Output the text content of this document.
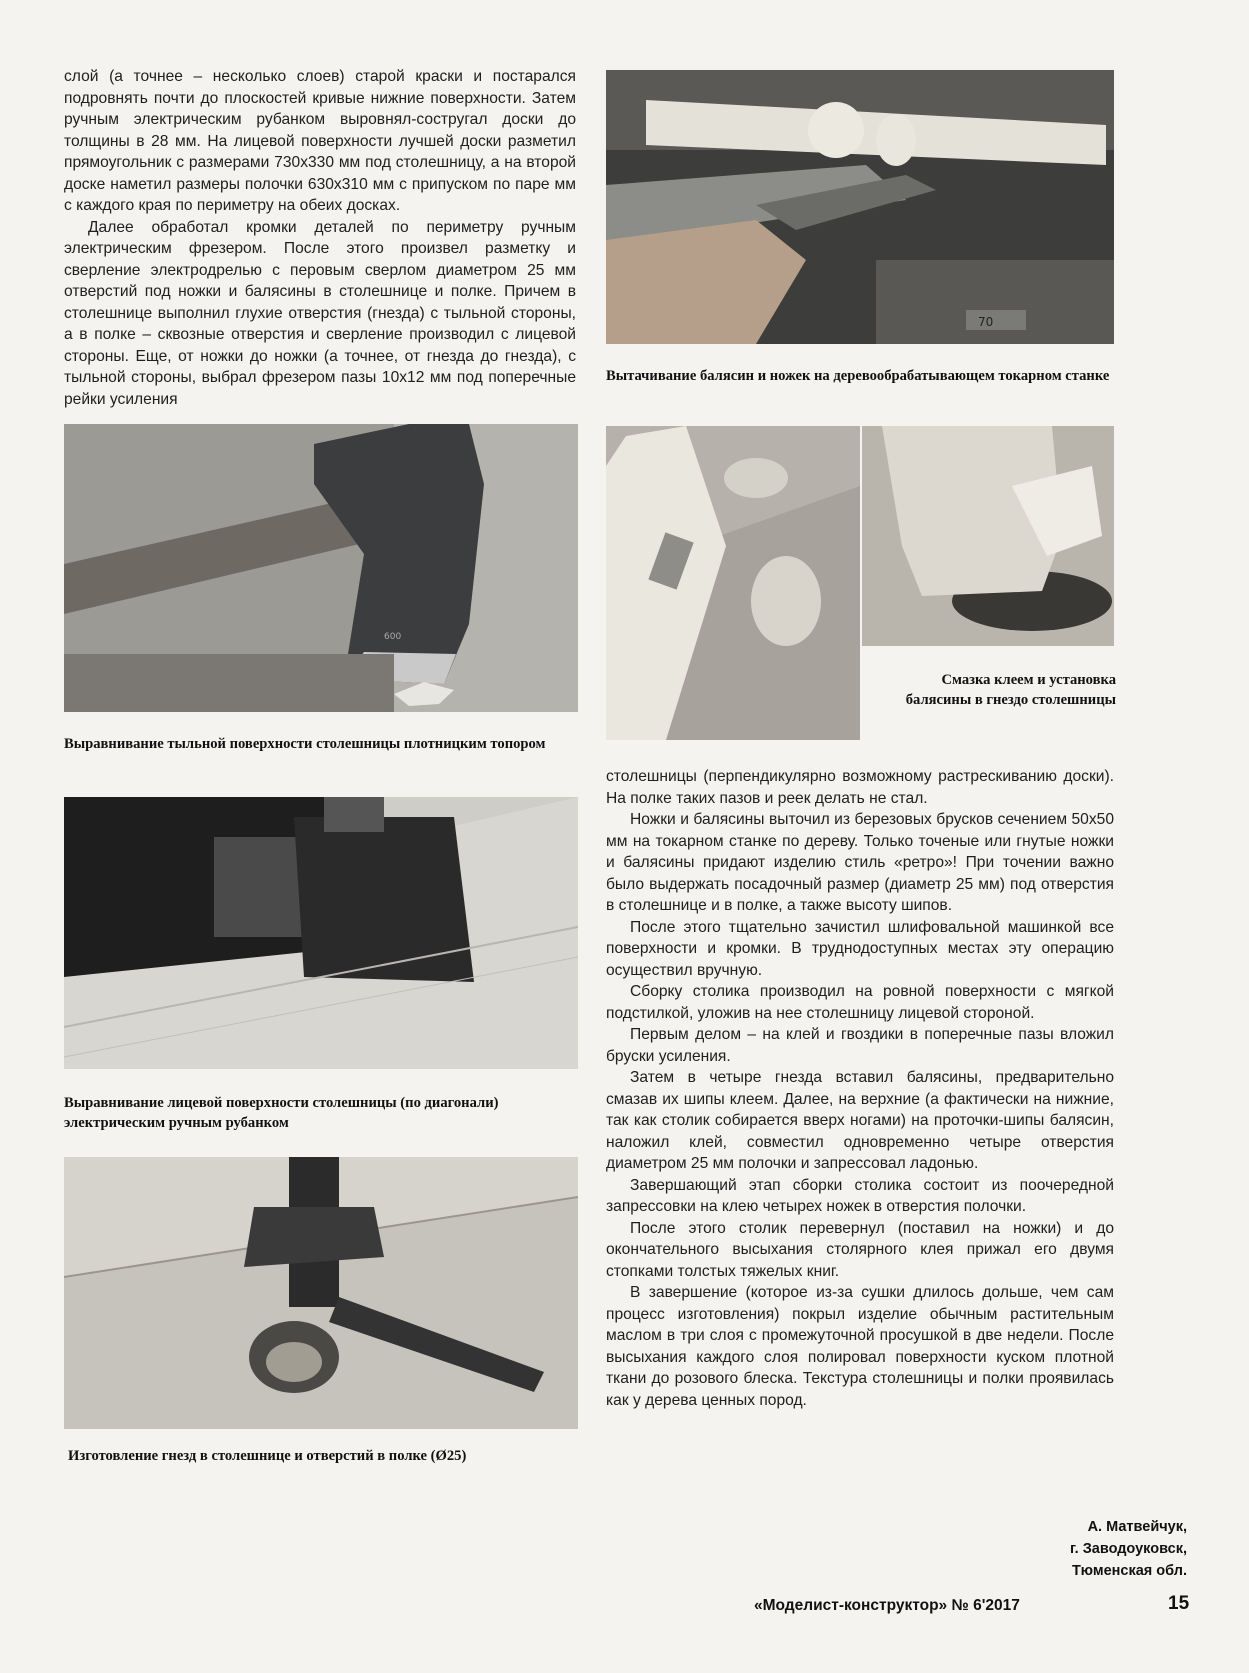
слой (а точнее – несколько слоев) старой краски и постарался подровнять почти до плоскостей кривые нижние поверхности. Затем ручным электрическим рубанком выровнял-состругал доски до толщины в 28 мм. На лицевой поверхности лучшей доски разметил прямоугольник с размерами 730х330 мм под столешницу, а на второй доске наметил размеры полочки 630х310 мм с припуском по паре мм с каждого края по периметру на обеих досках.

Далее обработал кромки деталей по периметру ручным электрическим фрезером. После этого произвел разметку и сверление электродрелью с перовым сверлом диаметром 25 мм отверстий под ножки и балясины в столешнице и полке. Причем в столешнице выполнил глухие отверстия (гнезда) с тыльной стороны, а в полке – сквозные отверстия и сверление производил с лицевой стороны. Еще, от ножки до ножки (а точнее, от гнезда до гнезда), с тыльной стороны, выбрал фрезером пазы 10х12 мм под поперечные рейки усиления

600
Выравнивание тыльной поверхности столешницы плотницким топором
Выравнивание лицевой поверхности столешницы (по диагонали) электрическим ручным рубанком
Изготовление гнезд в столешнице и отверстий в полке (Ø25)
70
Вытачивание балясин и ножек на деревообрабатывающем токарном станке
Смазка клеем и установка балясины в гнездо столешницы

столешницы (перпендикулярно возможному растрескиванию доски). На полке таких пазов и реек делать не стал.

Ножки и балясины выточил из березовых брусков сечением 50х50 мм на токарном станке по дереву. Только точеные или гнутые ножки и балясины придают изделию стиль «ретро»! При точении важно было выдержать посадочный размер (диаметр 25 мм) под отверстия в столешнице и в полке, а также высоту шипов.

После этого тщательно зачистил шлифовальной машинкой все поверхности и кромки. В труднодоступных местах эту операцию осуществил вручную.

Сборку столика производил на ровной поверхности с мягкой подстилкой, уложив на нее столешницу лицевой стороной.

Первым делом – на клей и гвоздики в поперечные пазы вложил бруски усиления.

Затем в четыре гнезда вставил балясины, предварительно смазав их шипы клеем. Далее, на верхние (а фактически на нижние, так как столик собирается вверх ногами) на проточки-шипы балясин, наложил клей, совместил одновременно четыре отверстия диаметром 25 мм полочки и запрессовал ладонью.

Завершающий этап сборки столика состоит из поочередной запрессовки на клею четырех ножек в отверстия полочки.

После этого столик перевернул (поставил на ножки) и до окончательного высыхания столярного клея прижал его двумя стопками толстых тяжелых книг.

В завершение (которое из-за сушки длилось дольше, чем сам процесс изготовления) покрыл изделие обычным растительным маслом в три слоя с промежуточной просушкой в две недели. После высыхания каждого слоя полировал поверхности куском плотной ткани до розового блеска. Текстура столешницы и полки проявилась как у дерева ценных пород.

А. Матвейчук,
г. Заводоуковск,
Тюменская обл.
«Моделист-конструктор» № 6'2017	15
